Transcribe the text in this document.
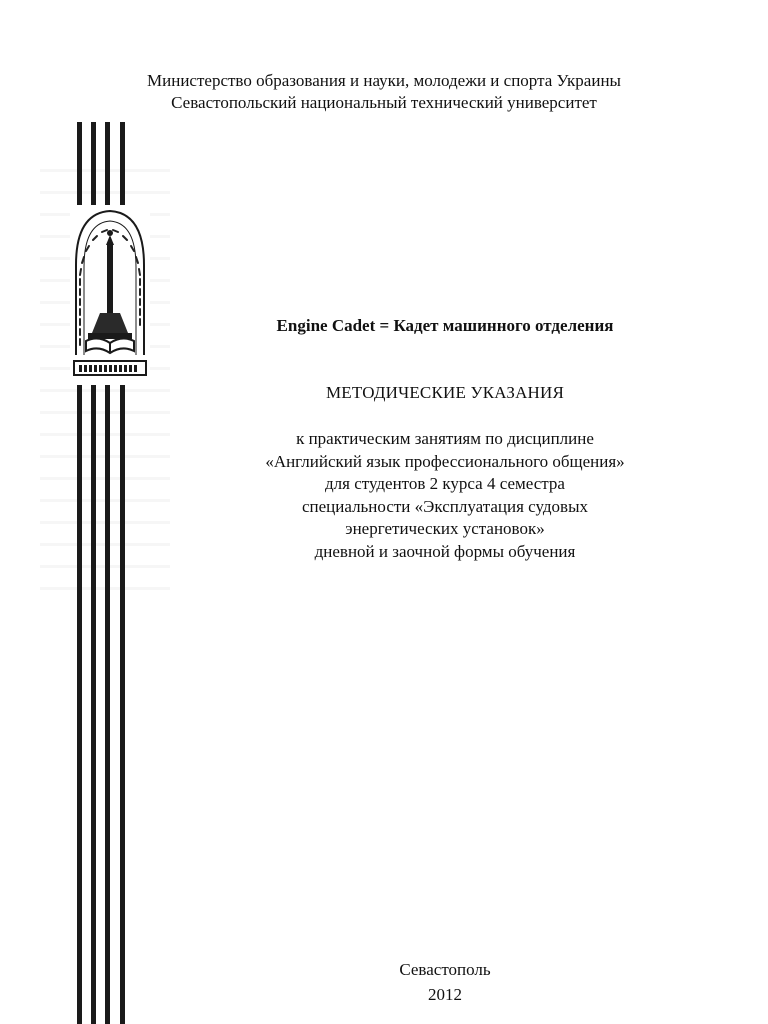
Министерство образования и науки, молодежи и спорта Украины
Севастопольский национальный технический университет
Engine Cadet = Кадет машинного отделения
МЕТОДИЧЕСКИЕ УКАЗАНИЯ
к практическим занятиям по дисциплине
«Английский язык профессионального общения»
для студентов 2 курса 4 семестра
специальности «Эксплуатация судовых
энергетических установок»
дневной и заочной формы обучения
Севастополь
2012
